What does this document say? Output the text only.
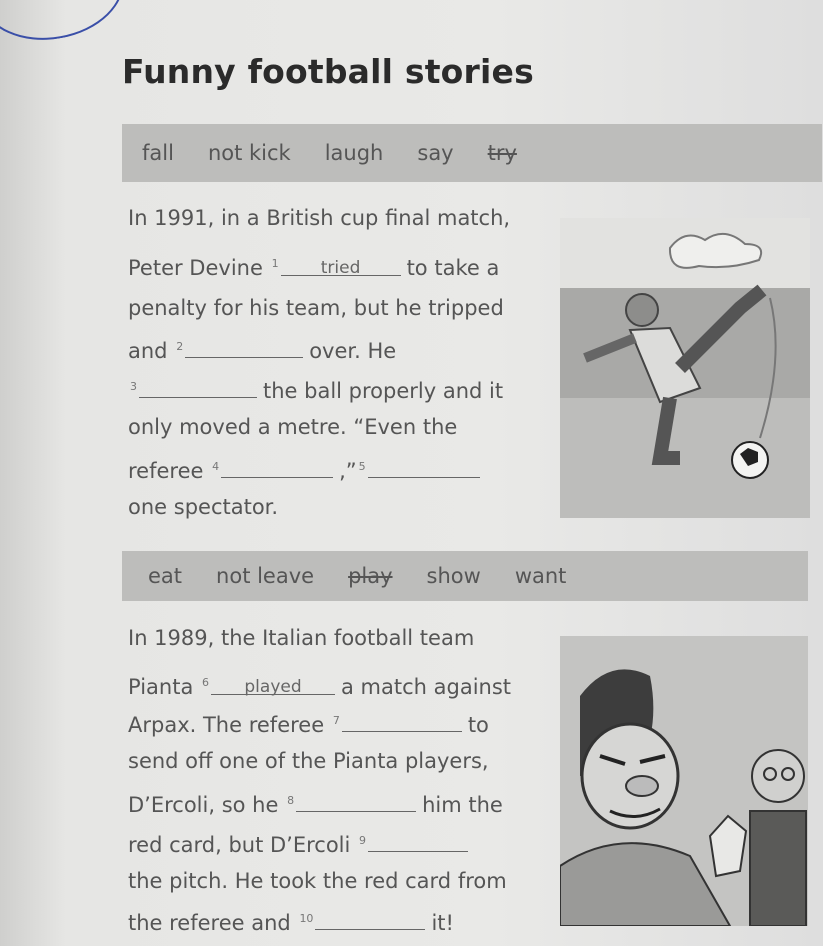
Funny football stories
fall not kick laugh say try
In 1991, in a British cup final match,
Peter Devine $^1$ tried to take a
penalty for his team, but he tripped
and $^2$	over. He
$^3$	the ball properly and it
only moved a metre. “Even the
referee $^4$	,” $^5$
one spectator.
eat not leave play show want
In 1989, the Italian football team
Pianta $^6$ played a match against
Arpax. The referee $^7$	to
send off one of the Pianta players,
D’Ercoli, so he $^8$	him the
red card, but D’Ercoli $^9$
the pitch. He took the red card from
the referee and $^{10}$	it!
